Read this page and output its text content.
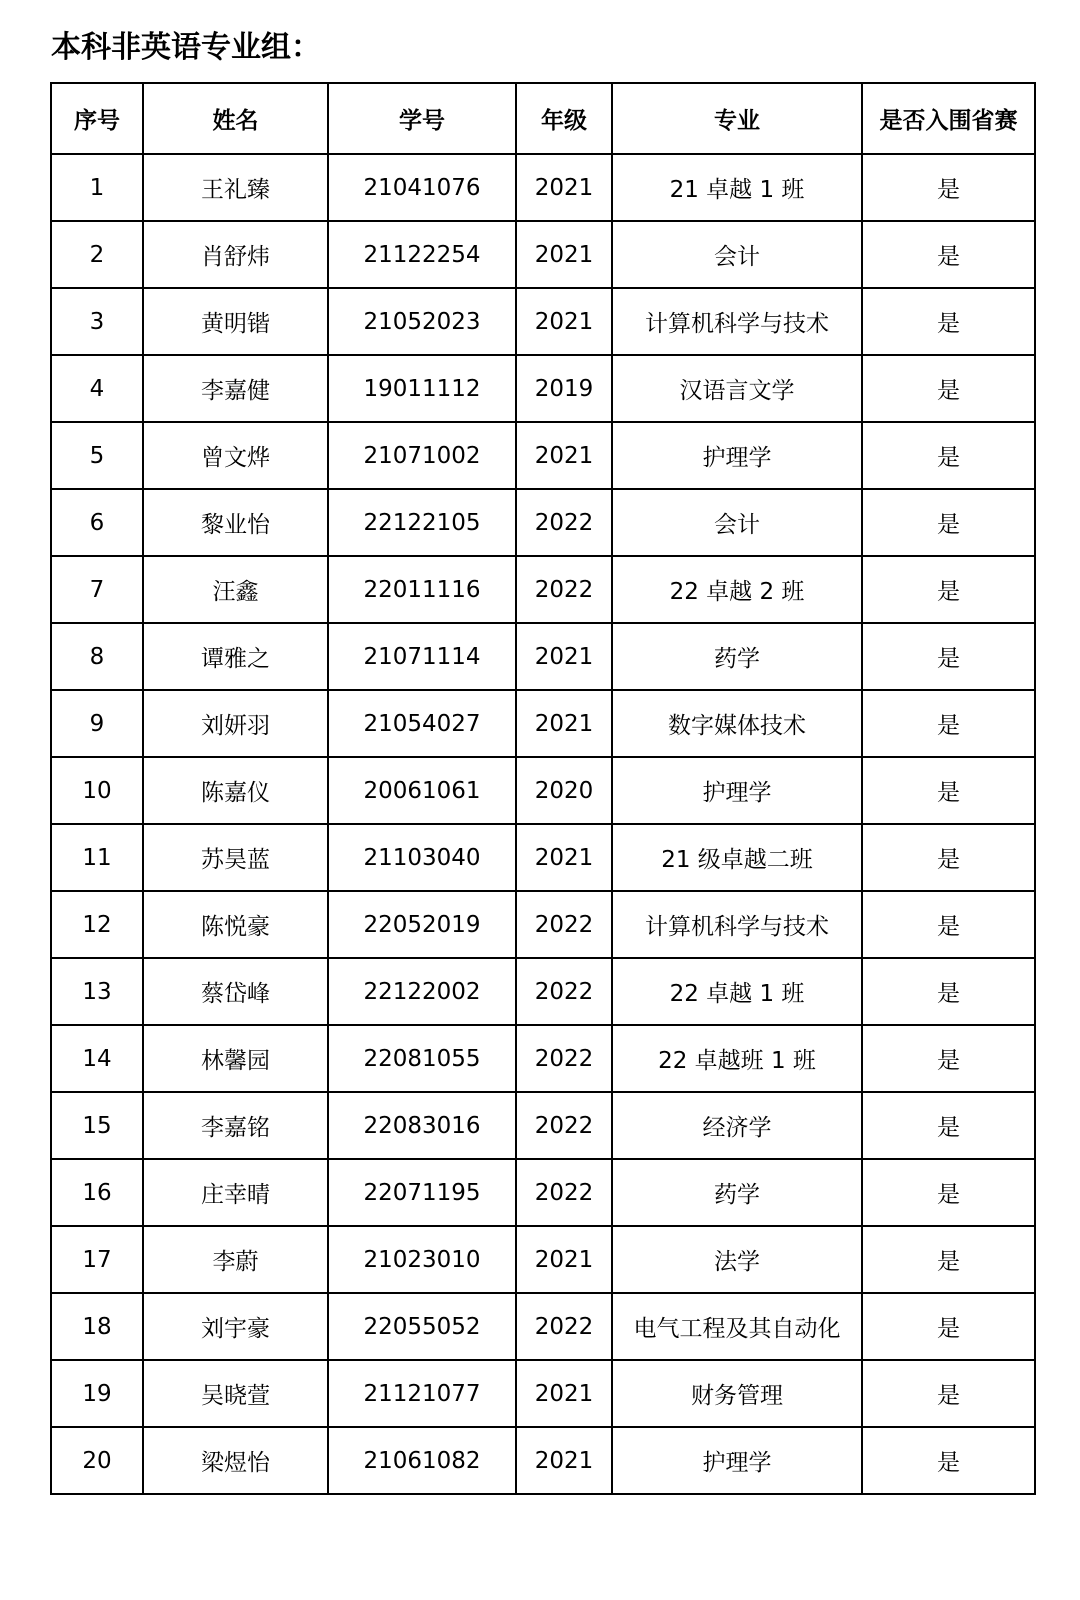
本科非英语专业组：
序号	姓名	学号	年级	专业	是否入围省赛
1	王礼臻	21041076	2021	21 卓越 1 班	是
2	肖舒炜	21122254	2021	会计	是
3	黄明锴	21052023	2021	计算机科学与技术	是
4	李嘉健	19011112	2019	汉语言文学	是
5	曾文烨	21071002	2021	护理学	是
6	黎业怡	22122105	2022	会计	是
7	汪鑫	22011116	2022	22 卓越 2 班	是
8	谭雅之	21071114	2021	药学	是
9	刘妍羽	21054027	2021	数字媒体技术	是
10	陈嘉仪	20061061	2020	护理学	是
11	苏昊蓝	21103040	2021	21 级卓越二班	是
12	陈悦豪	22052019	2022	计算机科学与技术	是
13	蔡岱峰	22122002	2022	22 卓越 1 班	是
14	林馨园	22081055	2022	22 卓越班 1 班	是
15	李嘉铭	22083016	2022	经济学	是
16	庄幸晴	22071195	2022	药学	是
17	李蔚	21023010	2021	法学	是
18	刘宇豪	22055052	2022	电气工程及其自动化	是
19	吴晓萱	21121077	2021	财务管理	是
20	梁煜怡	21061082	2021	护理学	是
